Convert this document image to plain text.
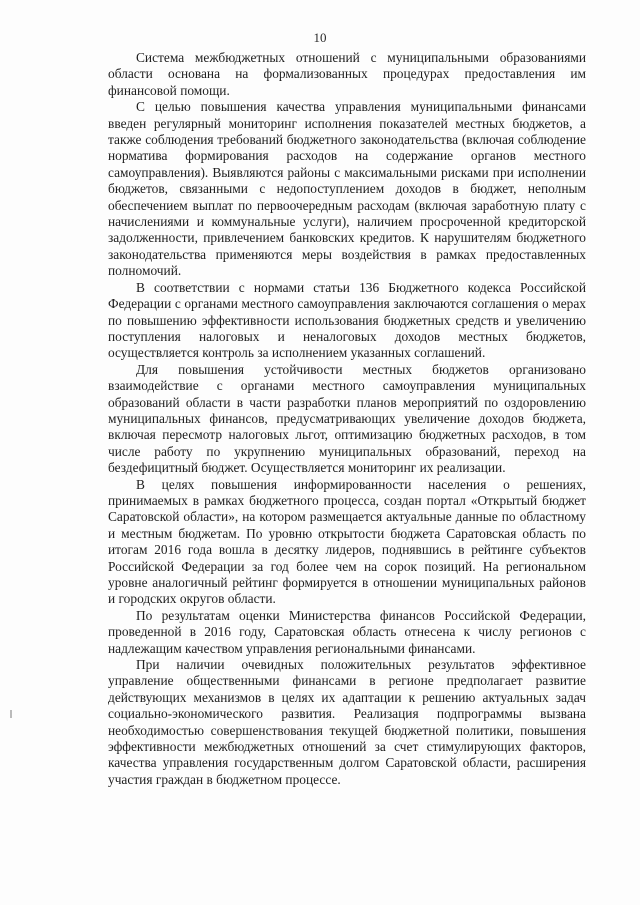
10

Система межбюджетных отношений с муниципальными образованиями области основана на формализованных процедурах предоставления им финансовой помощи.

С целью повышения качества управления муниципальными финансами введен регулярный мониторинг исполнения показателей местных бюджетов, а также соблюдения требований бюджетного законодательства (включая соблюдение норматива формирования расходов на содержание органов местного самоуправления). Выявляются районы с максимальными рисками при исполнении бюджетов, связанными с недопоступлением доходов в бюджет, неполным обеспечением выплат по первоочередным расходам (включая заработную плату с начислениями и коммунальные услуги), наличием просроченной кредиторской задолженности, привлечением банковских кредитов. К нарушителям бюджетного законодательства применяются меры воздействия в рамках предоставленных полномочий.

В соответствии с нормами статьи 136 Бюджетного кодекса Российской Федерации с органами местного самоуправления заключаются соглашения о мерах по повышению эффективности использования бюджетных средств и увеличению поступления налоговых и неналоговых доходов местных бюджетов, осуществляется контроль за исполнением указанных соглашений.

Для повышения устойчивости местных бюджетов организовано взаимодействие с органами местного самоуправления муниципальных образований области в части разработки планов мероприятий по оздоровлению муниципальных финансов, предусматривающих увеличение доходов бюджета, включая пересмотр налоговых льгот, оптимизацию бюджетных расходов, в том числе работу по укрупнению муниципальных образований, переход на бездефицитный бюджет. Осуществляется мониторинг их реализации.

В целях повышения информированности населения о решениях, принимаемых в рамках бюджетного процесса, создан портал «Открытый бюджет Саратовской области», на котором размещается актуальные данные по областному и местным бюджетам. По уровню открытости бюджета Саратовская область по итогам 2016 года вошла в десятку лидеров, поднявшись в рейтинге субъектов Российской Федерации за год более чем на сорок позиций. На региональном уровне аналогичный рейтинг формируется в отношении муниципальных районов и городских округов области.

По результатам оценки Министерства финансов Российской Федерации, проведенной в 2016 году, Саратовская область отнесена к числу регионов с надлежащим качеством управления региональными финансами.

При наличии очевидных положительных результатов эффективное управление общественными финансами в регионе предполагает развитие действующих механизмов в целях их адаптации к решению актуальных задач социально-экономического развития. Реализация подпрограммы вызвана необходимостью совершенствования текущей бюджетной политики, повышения эффективности межбюджетных отношений за счет стимулирующих факторов, качества управления государственным долгом Саратовской области, расширения участия граждан в бюджетном процессе.
